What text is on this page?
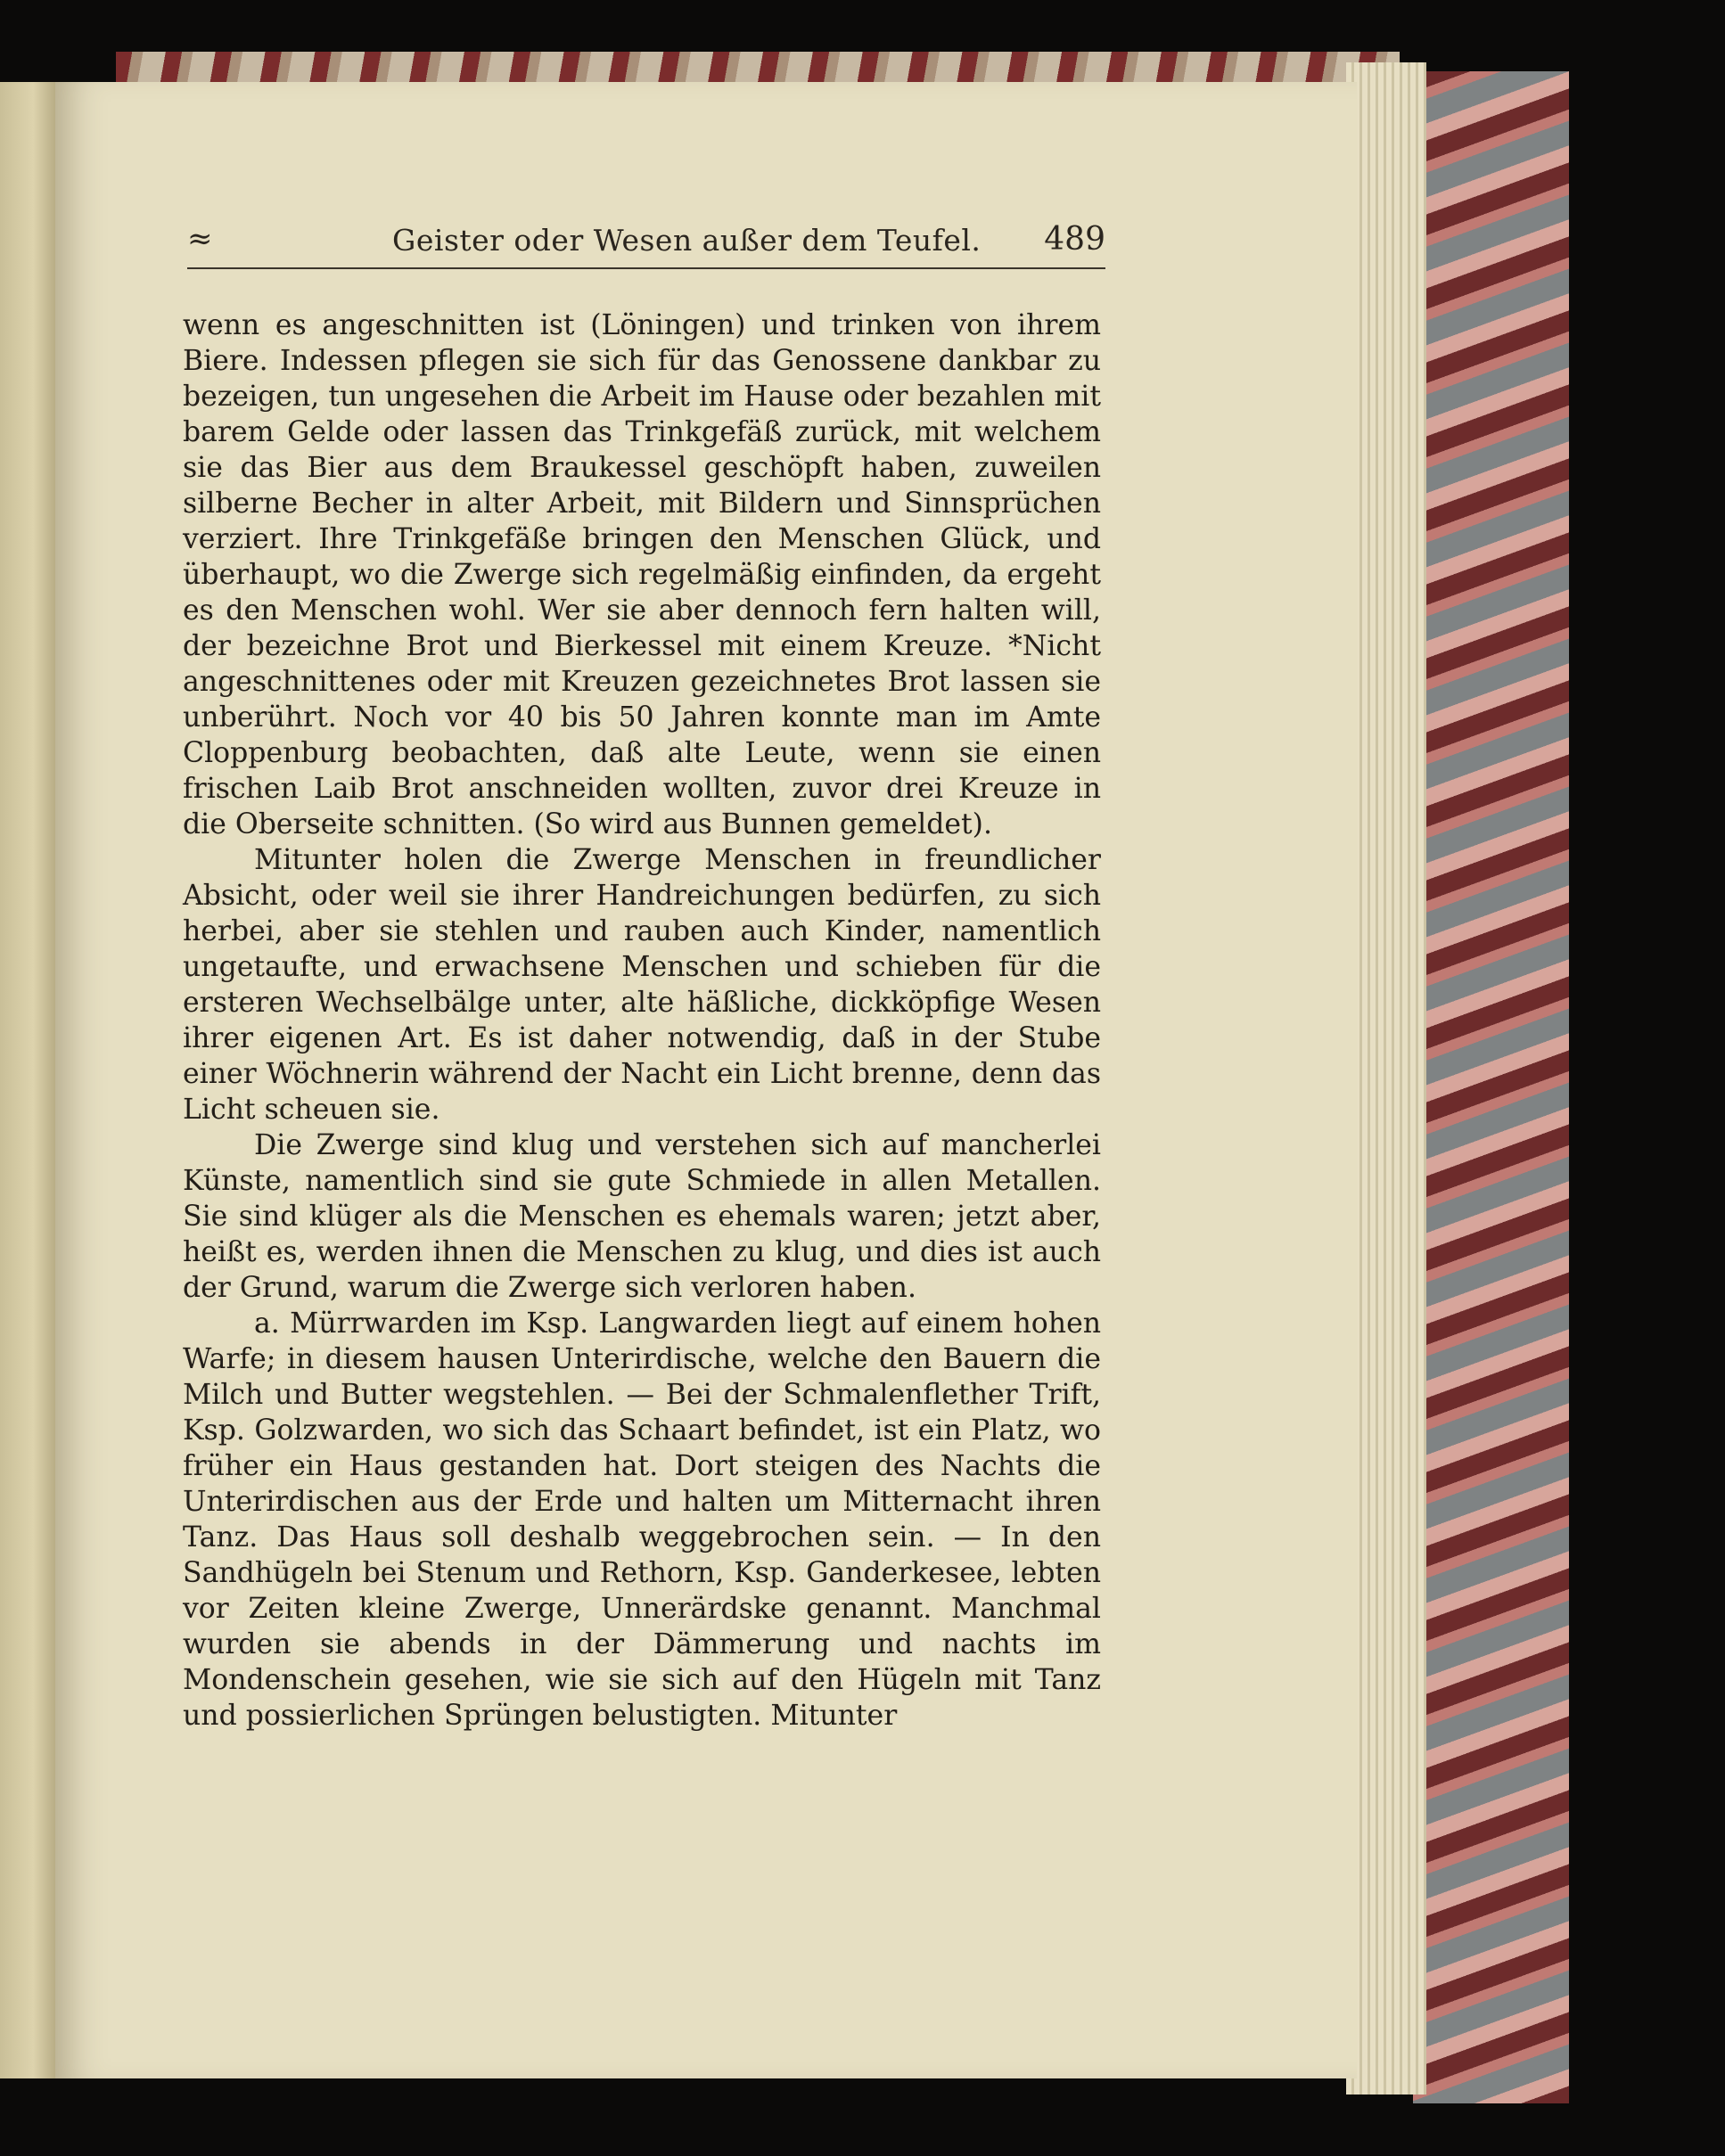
≈	Geister oder Wesen außer dem Teufel. 489

wenn es angeschnitten ist (Löningen) und trinken von ihrem Biere. Indessen pflegen sie sich für das Genossene dankbar zu bezeigen, tun ungesehen die Arbeit im Hause oder bezahlen mit barem Gelde oder lassen das Trinkgefäß zurück, mit welchem sie das Bier aus dem Braukessel geschöpft haben, zuweilen silberne Becher in alter Arbeit, mit Bildern und Sinnsprüchen verziert. Ihre Trinkgefäße bringen den Menschen Glück, und überhaupt, wo die Zwerge sich regelmäßig einfinden, da ergeht es den Menschen wohl. Wer sie aber dennoch fern halten will, der bezeichne Brot und Bierkessel mit einem Kreuze. *Nicht angeschnittenes oder mit Kreuzen gezeichnetes Brot lassen sie unberührt. Noch vor 40 bis 50 Jahren konnte man im Amte Cloppenburg beobachten, daß alte Leute, wenn sie einen frischen Laib Brot anschneiden wollten, zuvor drei Kreuze in die Oberseite schnitten. (So wird aus Bunnen gemeldet).

Mitunter holen die Zwerge Menschen in freundlicher Absicht, oder weil sie ihrer Handreichungen bedürfen, zu sich herbei, aber sie stehlen und rauben auch Kinder, namentlich ungetaufte, und erwachsene Menschen und schieben für die ersteren Wechselbälge unter, alte häßliche, dickköpfige Wesen ihrer eigenen Art. Es ist daher notwendig, daß in der Stube einer Wöchnerin während der Nacht ein Licht brenne, denn das Licht scheuen sie.

Die Zwerge sind klug und verstehen sich auf mancherlei Künste, namentlich sind sie gute Schmiede in allen Metallen. Sie sind klüger als die Menschen es ehemals waren; jetzt aber, heißt es, werden ihnen die Menschen zu klug, und dies ist auch der Grund, warum die Zwerge sich verloren haben.

a. Mürrwarden im Ksp. Langwarden liegt auf einem hohen Warfe; in diesem hausen Unterirdische, welche den Bauern die Milch und Butter wegstehlen. — Bei der Schmalenflether Trift, Ksp. Golzwarden, wo sich das Schaart befindet, ist ein Platz, wo früher ein Haus gestanden hat. Dort steigen des Nachts die Unterirdischen aus der Erde und halten um Mitternacht ihren Tanz. Das Haus soll deshalb weggebrochen sein. — In den Sandhügeln bei Stenum und Rethorn, Ksp. Ganderkesee, lebten vor Zeiten kleine Zwerge, Unnerärdske genannt. Manchmal wurden sie abends in der Dämmerung und nachts im Mondenschein gesehen, wie sie sich auf den Hügeln mit Tanz und possierlichen Sprüngen belustigten. Mitunter
